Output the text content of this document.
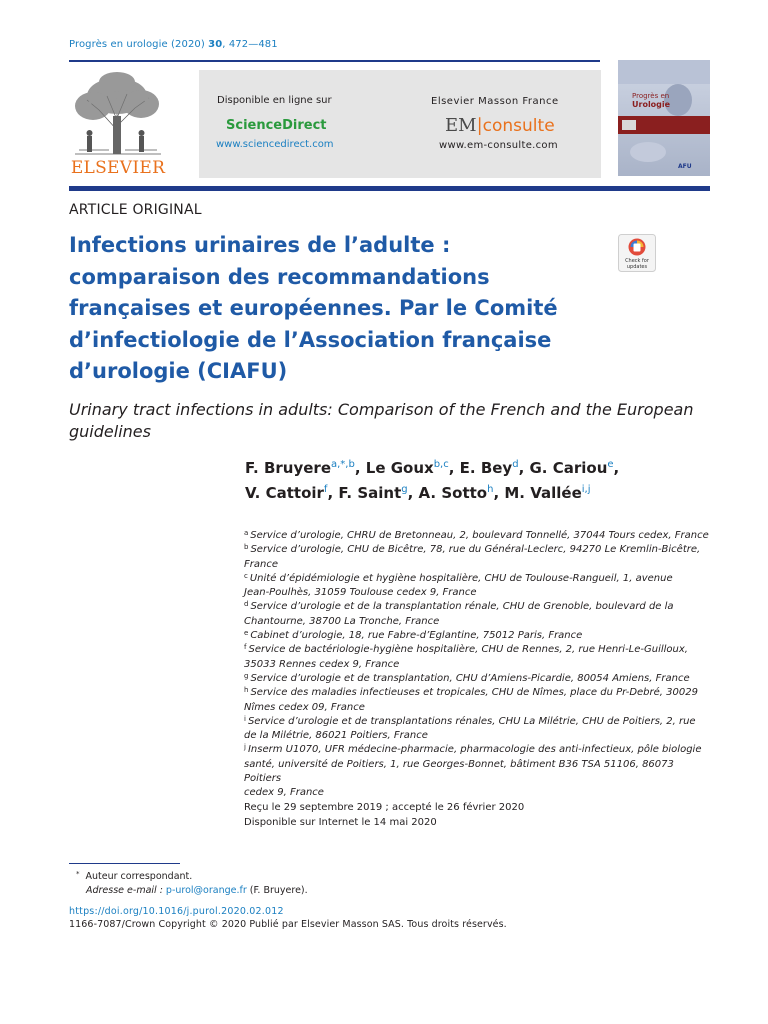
Progrès en urologie (2020) 30, 472—481
ELSEVIER
Disponible en ligne sur
ScienceDirect
www.sciencedirect.com
Elsevier Masson France
EM|consulte
www.em-consulte.com
Progrès en
Urologie
AFU
ARTICLE ORIGINAL
Infections urinaires de l’adulte :
comparaison des recommandations
françaises et européennes. Par le Comité
d’infectiologie de l’Association française
d’urologie (CIAFU)
Check for
updates
Urinary tract infections in adults: Comparison of the French and the European
guidelines
F. Bruyere$^{a,*,b}$, Le Goux$^{b,c}$, E. Bey$^d$, G. Cariou$^e$,
V. Cattoir$^f$, F. Saint$^g$, A. Sotto$^h$, M. Vallée$^{i,j}$
$^a$ Service d’urologie, CHRU de Bretonneau, 2, boulevard Tonnellé, 37044 Tours cedex, France
$^b$ Service d’urologie, CHU de Bicêtre, 78, rue du Général-Leclerc, 94270 Le Kremlin-Bicêtre,
France
$^c$ Unité d’épidémiologie et hygiène hospitalière, CHU de Toulouse-Rangueil, 1, avenue
Jean-Poulhès, 31059 Toulouse cedex 9, France
$^d$ Service d’urologie et de la transplantation rénale, CHU de Grenoble, boulevard de la
Chantourne, 38700 La Tronche, France
$^e$ Cabinet d’urologie, 18, rue Fabre-d’Eglantine, 75012 Paris, France
$^f$ Service de bactériologie-hygiène hospitalière, CHU de Rennes, 2, rue Henri-Le-Guilloux,
35033 Rennes cedex 9, France
$^g$ Service d’urologie et de transplantation, CHU d’Amiens-Picardie, 80054 Amiens, France
$^h$ Service des maladies infectieuses et tropicales, CHU de Nîmes, place du Pr-Debré, 30029
Nîmes cedex 09, France
$^i$ Service d’urologie et de transplantations rénales, CHU La Milétrie, CHU de Poitiers, 2, rue
de la Milétrie, 86021 Poitiers, France
$^j$ Inserm U1070, UFR médecine-pharmacie, pharmacologie des anti-infectieux, pôle biologie
santé, université de Poitiers, 1, rue Georges-Bonnet, bâtiment B36 TSA 51106, 86073 Poitiers
cedex 9, France
Reçu le 29 septembre 2019 ; accepté le 26 février 2020
Disponible sur Internet le 14 mai 2020
* Auteur correspondant.
Adresse e-mail : p-urol@orange.fr (F. Bruyere).
https://doi.org/10.1016/j.purol.2020.02.012
1166-7087/Crown Copyright © 2020 Publié par Elsevier Masson SAS. Tous droits réservés.
